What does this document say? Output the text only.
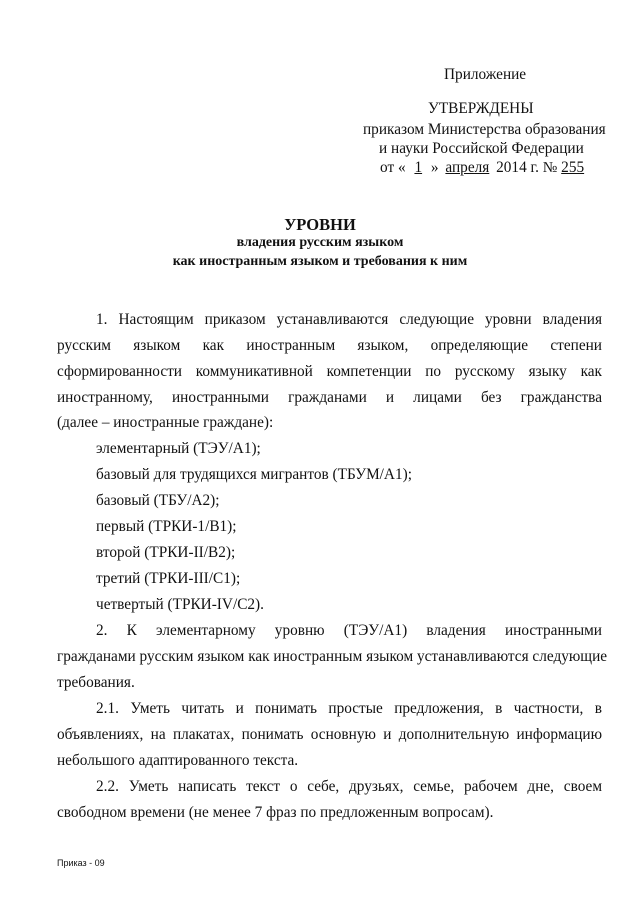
Приложение
УТВЕРЖДЕНЫ
приказом Министерства образования
и науки Российской Федерации
от « 1 » апреля 2014 г. № 255
УРОВНИ
владения русским языком
как иностранным языком и требования к ним
1. Настоящим приказом устанавливаются следующие уровни владения
русским языком как иностранным языком, определяющие степени
сформированности коммуникативной компетенции по русскому языку как
иностранному, иностранными гражданами и лицами без гражданства
(далее – иностранные граждане):
элементарный (ТЭУ/А1);
базовый для трудящихся мигрантов (ТБУМ/А1);
базовый (ТБУ/А2);
первый (ТРКИ-1/В1);
второй (ТРКИ-II/В2);
третий (ТРКИ-III/С1);
четвертый (ТРКИ-IV/С2).
2. К элементарному уровню (ТЭУ/А1) владения иностранными
гражданами русским языком как иностранным языком устанавливаются следующие
требования.
2.1. Уметь читать и понимать простые предложения, в частности, в
объявлениях, на плакатах, понимать основную и дополнительную информацию
небольшого адаптированного текста.
2.2. Уметь написать текст о себе, друзьях, семье, рабочем дне, своем
свободном времени (не менее 7 фраз по предложенным вопросам).
Приказ - 09
